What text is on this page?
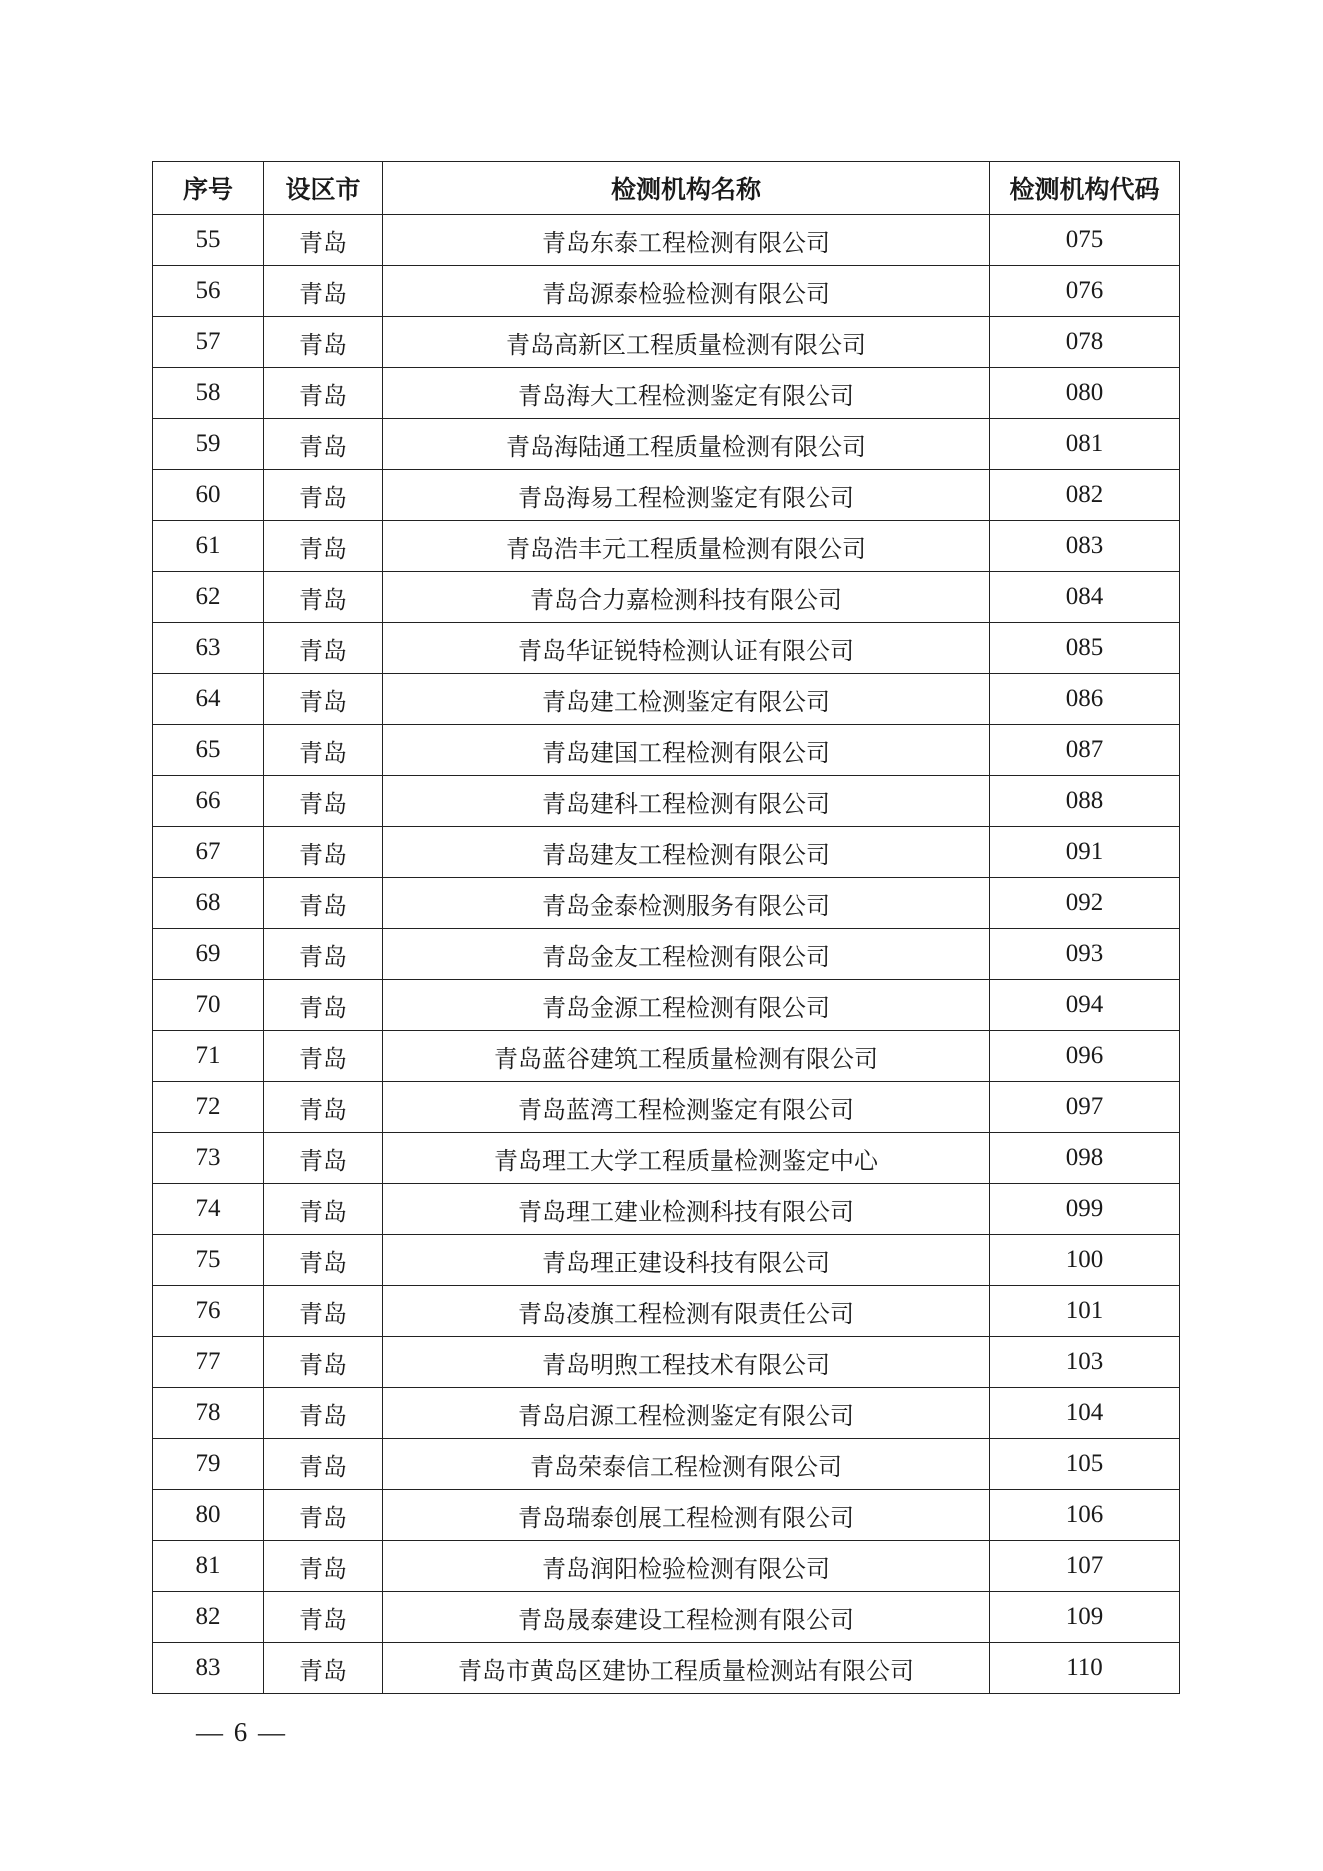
序号	设区市	检测机构名称	检测机构代码
55	青岛	青岛东泰工程检测有限公司	075
56	青岛	青岛源泰检验检测有限公司	076
57	青岛	青岛高新区工程质量检测有限公司	078
58	青岛	青岛海大工程检测鉴定有限公司	080
59	青岛	青岛海陆通工程质量检测有限公司	081
60	青岛	青岛海易工程检测鉴定有限公司	082
61	青岛	青岛浩丰元工程质量检测有限公司	083
62	青岛	青岛合力嘉检测科技有限公司	084
63	青岛	青岛华证锐特检测认证有限公司	085
64	青岛	青岛建工检测鉴定有限公司	086
65	青岛	青岛建国工程检测有限公司	087
66	青岛	青岛建科工程检测有限公司	088
67	青岛	青岛建友工程检测有限公司	091
68	青岛	青岛金泰检测服务有限公司	092
69	青岛	青岛金友工程检测有限公司	093
70	青岛	青岛金源工程检测有限公司	094
71	青岛	青岛蓝谷建筑工程质量检测有限公司	096
72	青岛	青岛蓝湾工程检测鉴定有限公司	097
73	青岛	青岛理工大学工程质量检测鉴定中心	098
74	青岛	青岛理工建业检测科技有限公司	099
75	青岛	青岛理正建设科技有限公司	100
76	青岛	青岛凌旗工程检测有限责任公司	101
77	青岛	青岛明煦工程技术有限公司	103
78	青岛	青岛启源工程检测鉴定有限公司	104
79	青岛	青岛荣泰信工程检测有限公司	105
80	青岛	青岛瑞泰创展工程检测有限公司	106
81	青岛	青岛润阳检验检测有限公司	107
82	青岛	青岛晟泰建设工程检测有限公司	109
83	青岛	青岛市黄岛区建协工程质量检测站有限公司	110
— 6 —
